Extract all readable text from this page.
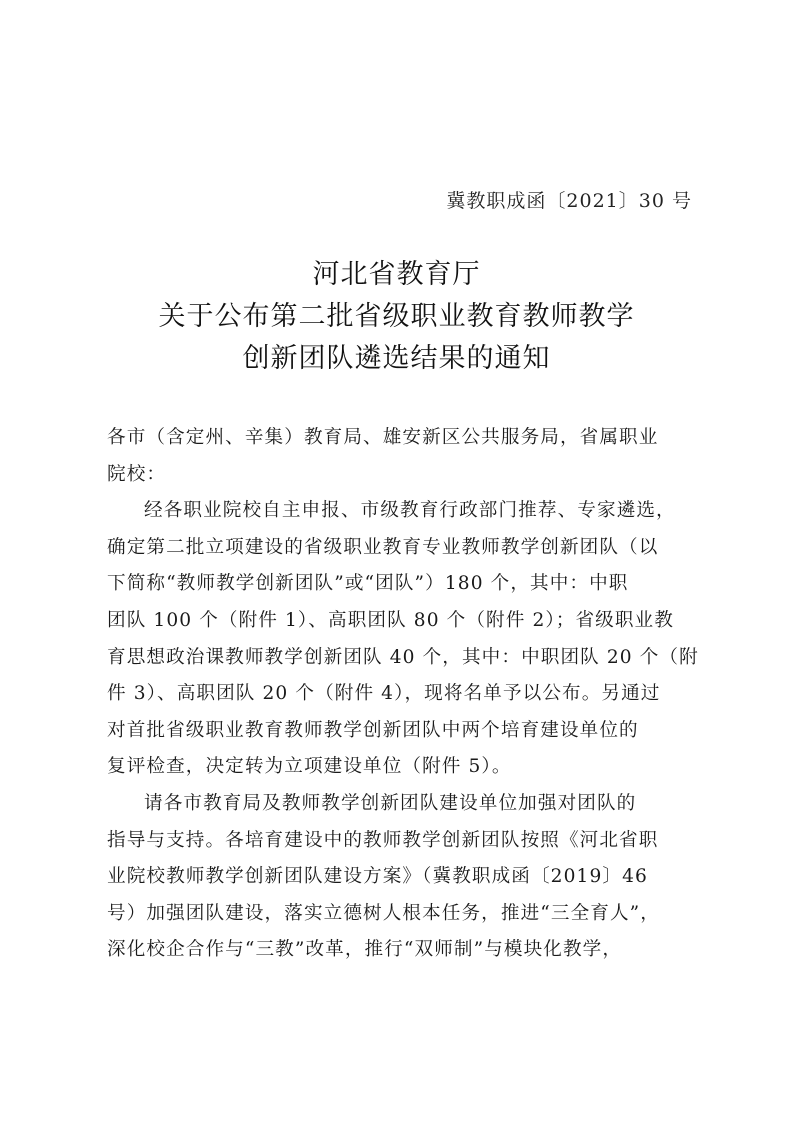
冀教职成函〔2021〕30 号
河北省教育厅
关于公布第二批省级职业教育教师教学
创新团队遴选结果的通知
各市（含定州、辛集）教育局、雄安新区公共服务局，省属职业
院校：
经各职业院校自主申报、市级教育行政部门推荐、专家遴选，
确定第二批立项建设的省级职业教育专业教师教学创新团队（以
下简称“教师教学创新团队”或“团队”）180 个，其中：中职
团队 100 个（附件 1）、高职团队 80 个（附件 2）；省级职业教
育思想政治课教师教学创新团队 40 个，其中：中职团队 20 个（附
件 3）、高职团队 20 个（附件 4），现将名单予以公布。另通过
对首批省级职业教育教师教学创新团队中两个培育建设单位的
复评检查，决定转为立项建设单位（附件 5）。
请各市教育局及教师教学创新团队建设单位加强对团队的
指导与支持。各培育建设中的教师教学创新团队按照《河北省职
业院校教师教学创新团队建设方案》（冀教职成函〔2019〕46
号）加强团队建设，落实立德树人根本任务，推进“三全育人”，
深化校企合作与“三教”改革，推行“双师制”与模块化教学，
